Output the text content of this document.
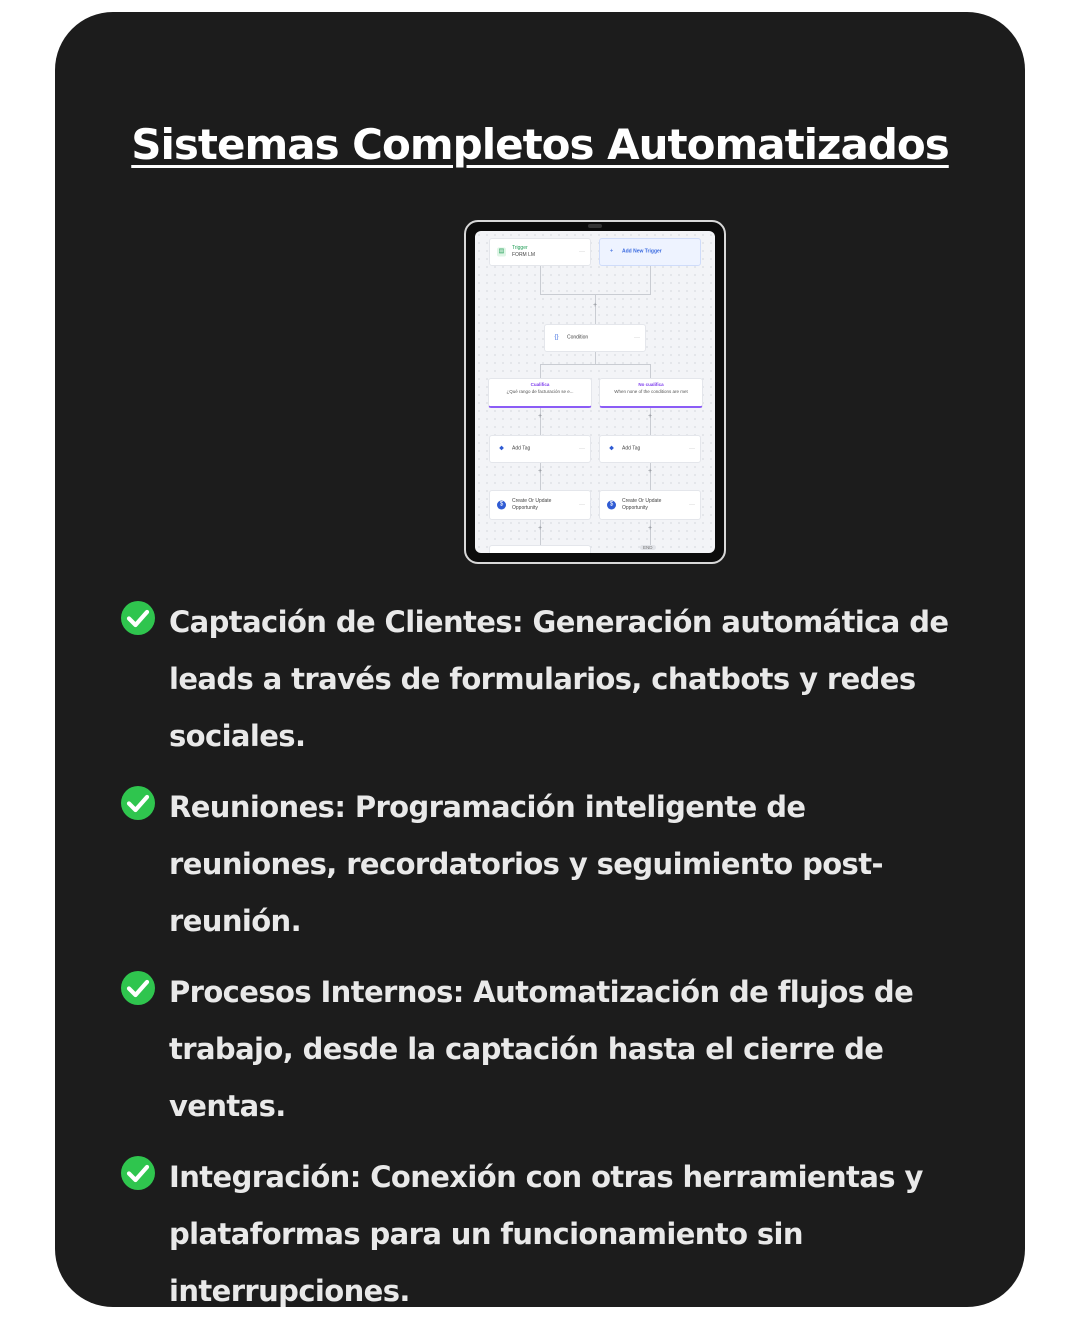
Sistemas Completos Automatizados
▤
Trigger
FORM LM	···	+	Add New Trigger
+
{}	Condition	···
Cualifica
¿Qué rango de facturación se e...
No cualifica
When none of the conditions are met
+	+
◆	Add Tag	···	◆	Add Tag	···
+	+
$
Create Or Update
Opportunity	···	$
Create Or Update
Opportunity	···
+	+
END
Captación de Clientes: Generación automática de leads a través de formularios, chatbots y redes sociales.
Reuniones: Programación inteligente de reuniones, recordatorios y seguimiento post-reunión.
Procesos Internos: Automatización de flujos de trabajo, desde la captación hasta el cierre de ventas.
Integración: Conexión con otras herramientas y plataformas para un funcionamiento sin interrupciones.
